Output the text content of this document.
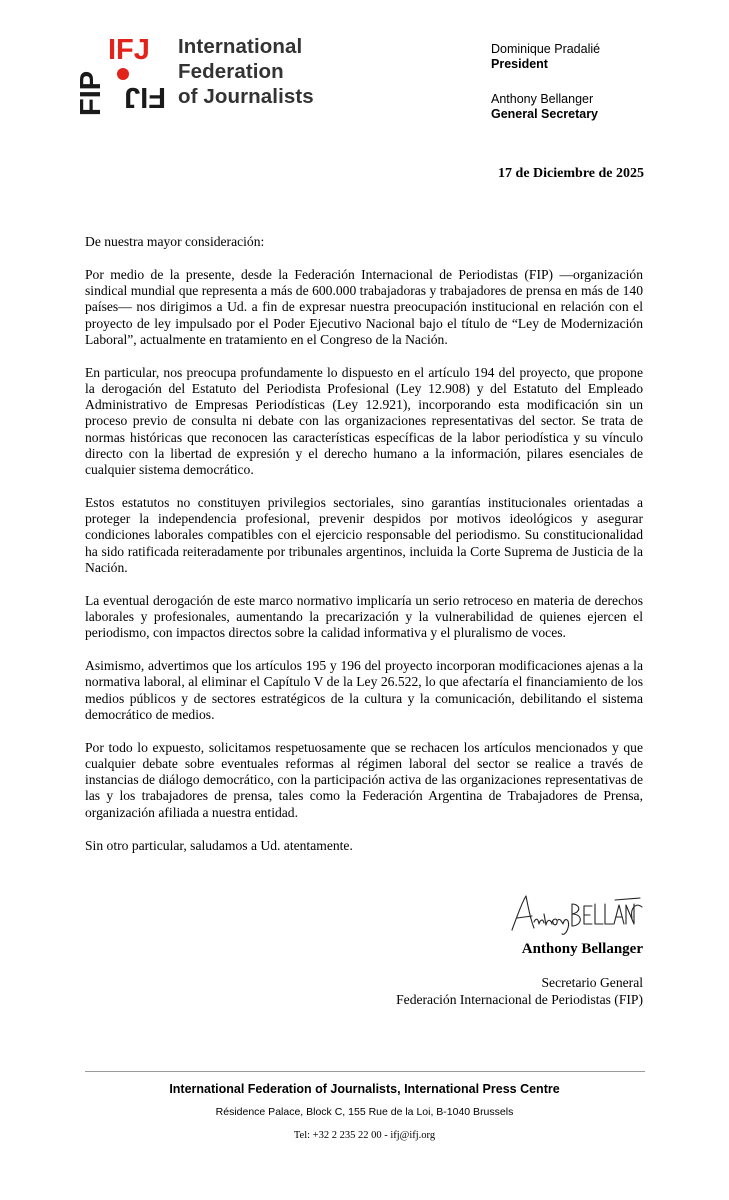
FIP
IFJ
FIJ
International
Federation
of Journalists
Dominique Pradalié
President
Anthony Bellanger
General Secretary
17 de Diciembre de 2025

De nuestra mayor consideración:

Por medio de la presente, desde la Federación Internacional de Periodistas (FIP) —organización sindical mundial que representa a más de 600.000 trabajadoras y trabajadores de prensa en más de 140 países— nos dirigimos a Ud. a fin de expresar nuestra preocupación institucional en relación con el proyecto de ley impulsado por el Poder Ejecutivo Nacional bajo el título de “Ley de Modernización Laboral”, actualmente en tratamiento en el Congreso de la Nación.

En particular, nos preocupa profundamente lo dispuesto en el artículo 194 del proyecto, que propone la derogación del Estatuto del Periodista Profesional (Ley 12.908) y del Estatuto del Empleado Administrativo de Empresas Periodísticas (Ley 12.921), incorporando esta modificación sin un proceso previo de consulta ni debate con las organizaciones representativas del sector. Se trata de normas históricas que reconocen las características específicas de la labor periodística y su vínculo directo con la libertad de expresión y el derecho humano a la información, pilares esenciales de cualquier sistema democrático.

Estos estatutos no constituyen privilegios sectoriales, sino garantías institucionales orientadas a proteger la independencia profesional, prevenir despidos por motivos ideológicos y asegurar condiciones laborales compatibles con el ejercicio responsable del periodismo. Su constitucionalidad ha sido ratificada reiteradamente por tribunales argentinos, incluida la Corte Suprema de Justicia de la Nación.

La eventual derogación de este marco normativo implicaría un serio retroceso en materia de derechos laborales y profesionales, aumentando la precarización y la vulnerabilidad de quienes ejercen el periodismo, con impactos directos sobre la calidad informativa y el pluralismo de voces.

Asimismo, advertimos que los artículos 195 y 196 del proyecto incorporan modificaciones ajenas a la normativa laboral, al eliminar el Capítulo V de la Ley 26.522, lo que afectaría el financiamiento de los medios públicos y de sectores estratégicos de la cultura y la comunicación, debilitando el sistema democrático de medios.

Por todo lo expuesto, solicitamos respetuosamente que se rechacen los artículos mencionados y que cualquier debate sobre eventuales reformas al régimen laboral del sector se realice a través de instancias de diálogo democrático, con la participación activa de las organizaciones representativas de las y los trabajadores de prensa, tales como la Federación Argentina de Trabajadores de Prensa, organización afiliada a nuestra entidad.

Sin otro particular, saludamos a Ud. atentamente.

Anthony Bellanger
Secretario General
Federación Internacional de Periodistas (FIP)
International Federation of Journalists, International Press Centre
Résidence Palace, Block C, 155 Rue de la Loi, B-1040 Brussels
Tel: +32 2 235 22 00 - ifj@ifj.org
